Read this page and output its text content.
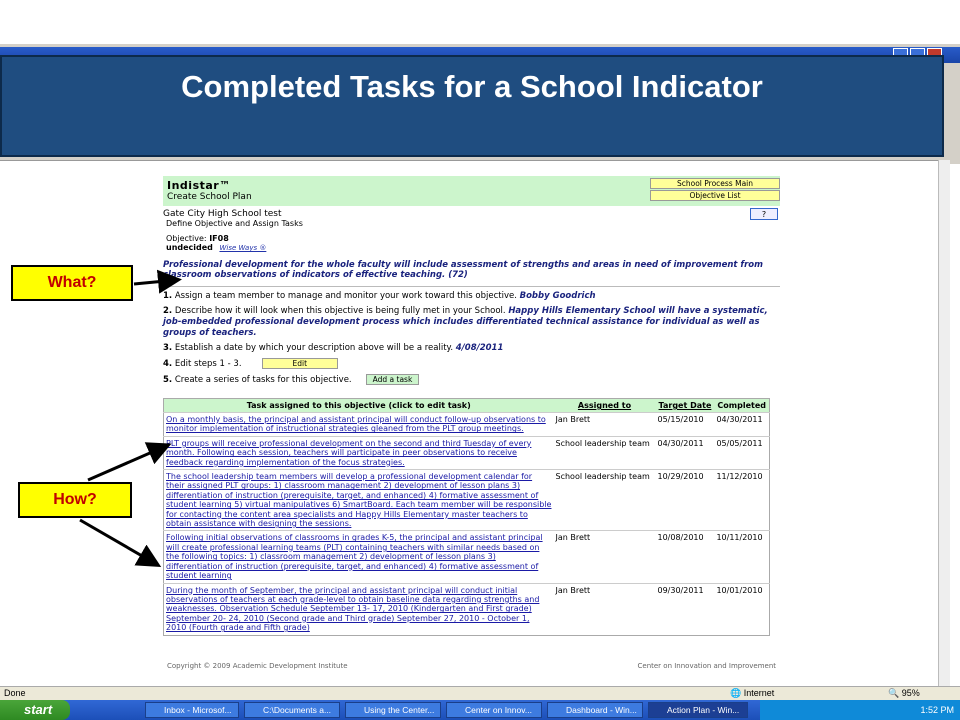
Completed Tasks for a School Indicator
Indistar™
Create School Plan
School Process Main
Objective List
?
Gate City High School test
Define Objective and Assign Tasks
Objective: IF08
undecided Wise Ways ®
Professional development for the whole faculty will include assessment of strengths and areas in need of improvement from classroom observations of indicators of effective teaching. (72)
1. Assign a team member to manage and monitor your work toward this objective. Bobby Goodrich
2. Describe how it will look when this objective is being fully met in your School. Happy Hills Elementary School will have a systematic, job-embedded professional development process which includes differentiated technical assistance for individual as well as groups of teachers.
3. Establish a date by which your description above will be a reality. 4/08/2011
4. Edit steps 1 - 3.	Edit
5. Create a series of tasks for this objective.	Add a task
Task assigned to this objective (click to edit task)	Assigned to	Target Date	Completed
On a monthly basis, the principal and assistant principal will conduct follow-up observations to monitor implementation of instructional strategies gleaned from the PLT group meetings.	Jan Brett	05/15/2010	04/30/2011
PLT groups will receive professional development on the second and third Tuesday of every month. Following each session, teachers will participate in peer observations to receive feedback regarding implementation of the focus strategies.	School leadership team	04/30/2011	05/05/2011
The school leadership team members will develop a professional development calendar for their assigned PLT groups: 1) classroom management 2) development of lesson plans 3) differentiation of instruction (prerequisite, target, and enhanced) 4) formative assessment of student learning 5) virtual manipulatives 6) SmartBoard. Each team member will be responsible for contacting the content area specialists and Happy Hills Elementary master teachers to obtain assistance with designing the sessions.	School leadership team	10/29/2010	11/12/2010
Following initial observations of classrooms in grades K-5, the principal and assistant principal will create professional learning teams (PLT) containing teachers with similar needs based on the following topics: 1) classroom management 2) development of lesson plans 3) differentiation of instruction (prerequisite, target, and enhanced) 4) formative assessment of student learning	Jan Brett	10/08/2010	10/11/2010
During the month of September, the principal and assistant principal will conduct initial observations of teachers at each grade-level to obtain baseline data regarding strengths and weaknesses. Observation Schedule September 13- 17, 2010 (Kindergarten and First grade) September 20- 24, 2010 (Second grade and Third grade) September 27, 2010 - October 1, 2010 (Fourth grade and Fifth grade)	Jan Brett	09/30/2011	10/01/2010
Copyright © 2009 Academic Development Institute	Center on Innovation and Improvement
What?
How?
Done	🌐 Internet	🔍 95%
start	Inbox - Microsof...	C:\Documents a...	Using the Center...	Center on Innov...	Dashboard - Win...	Action Plan - Win...	1:52 PM
